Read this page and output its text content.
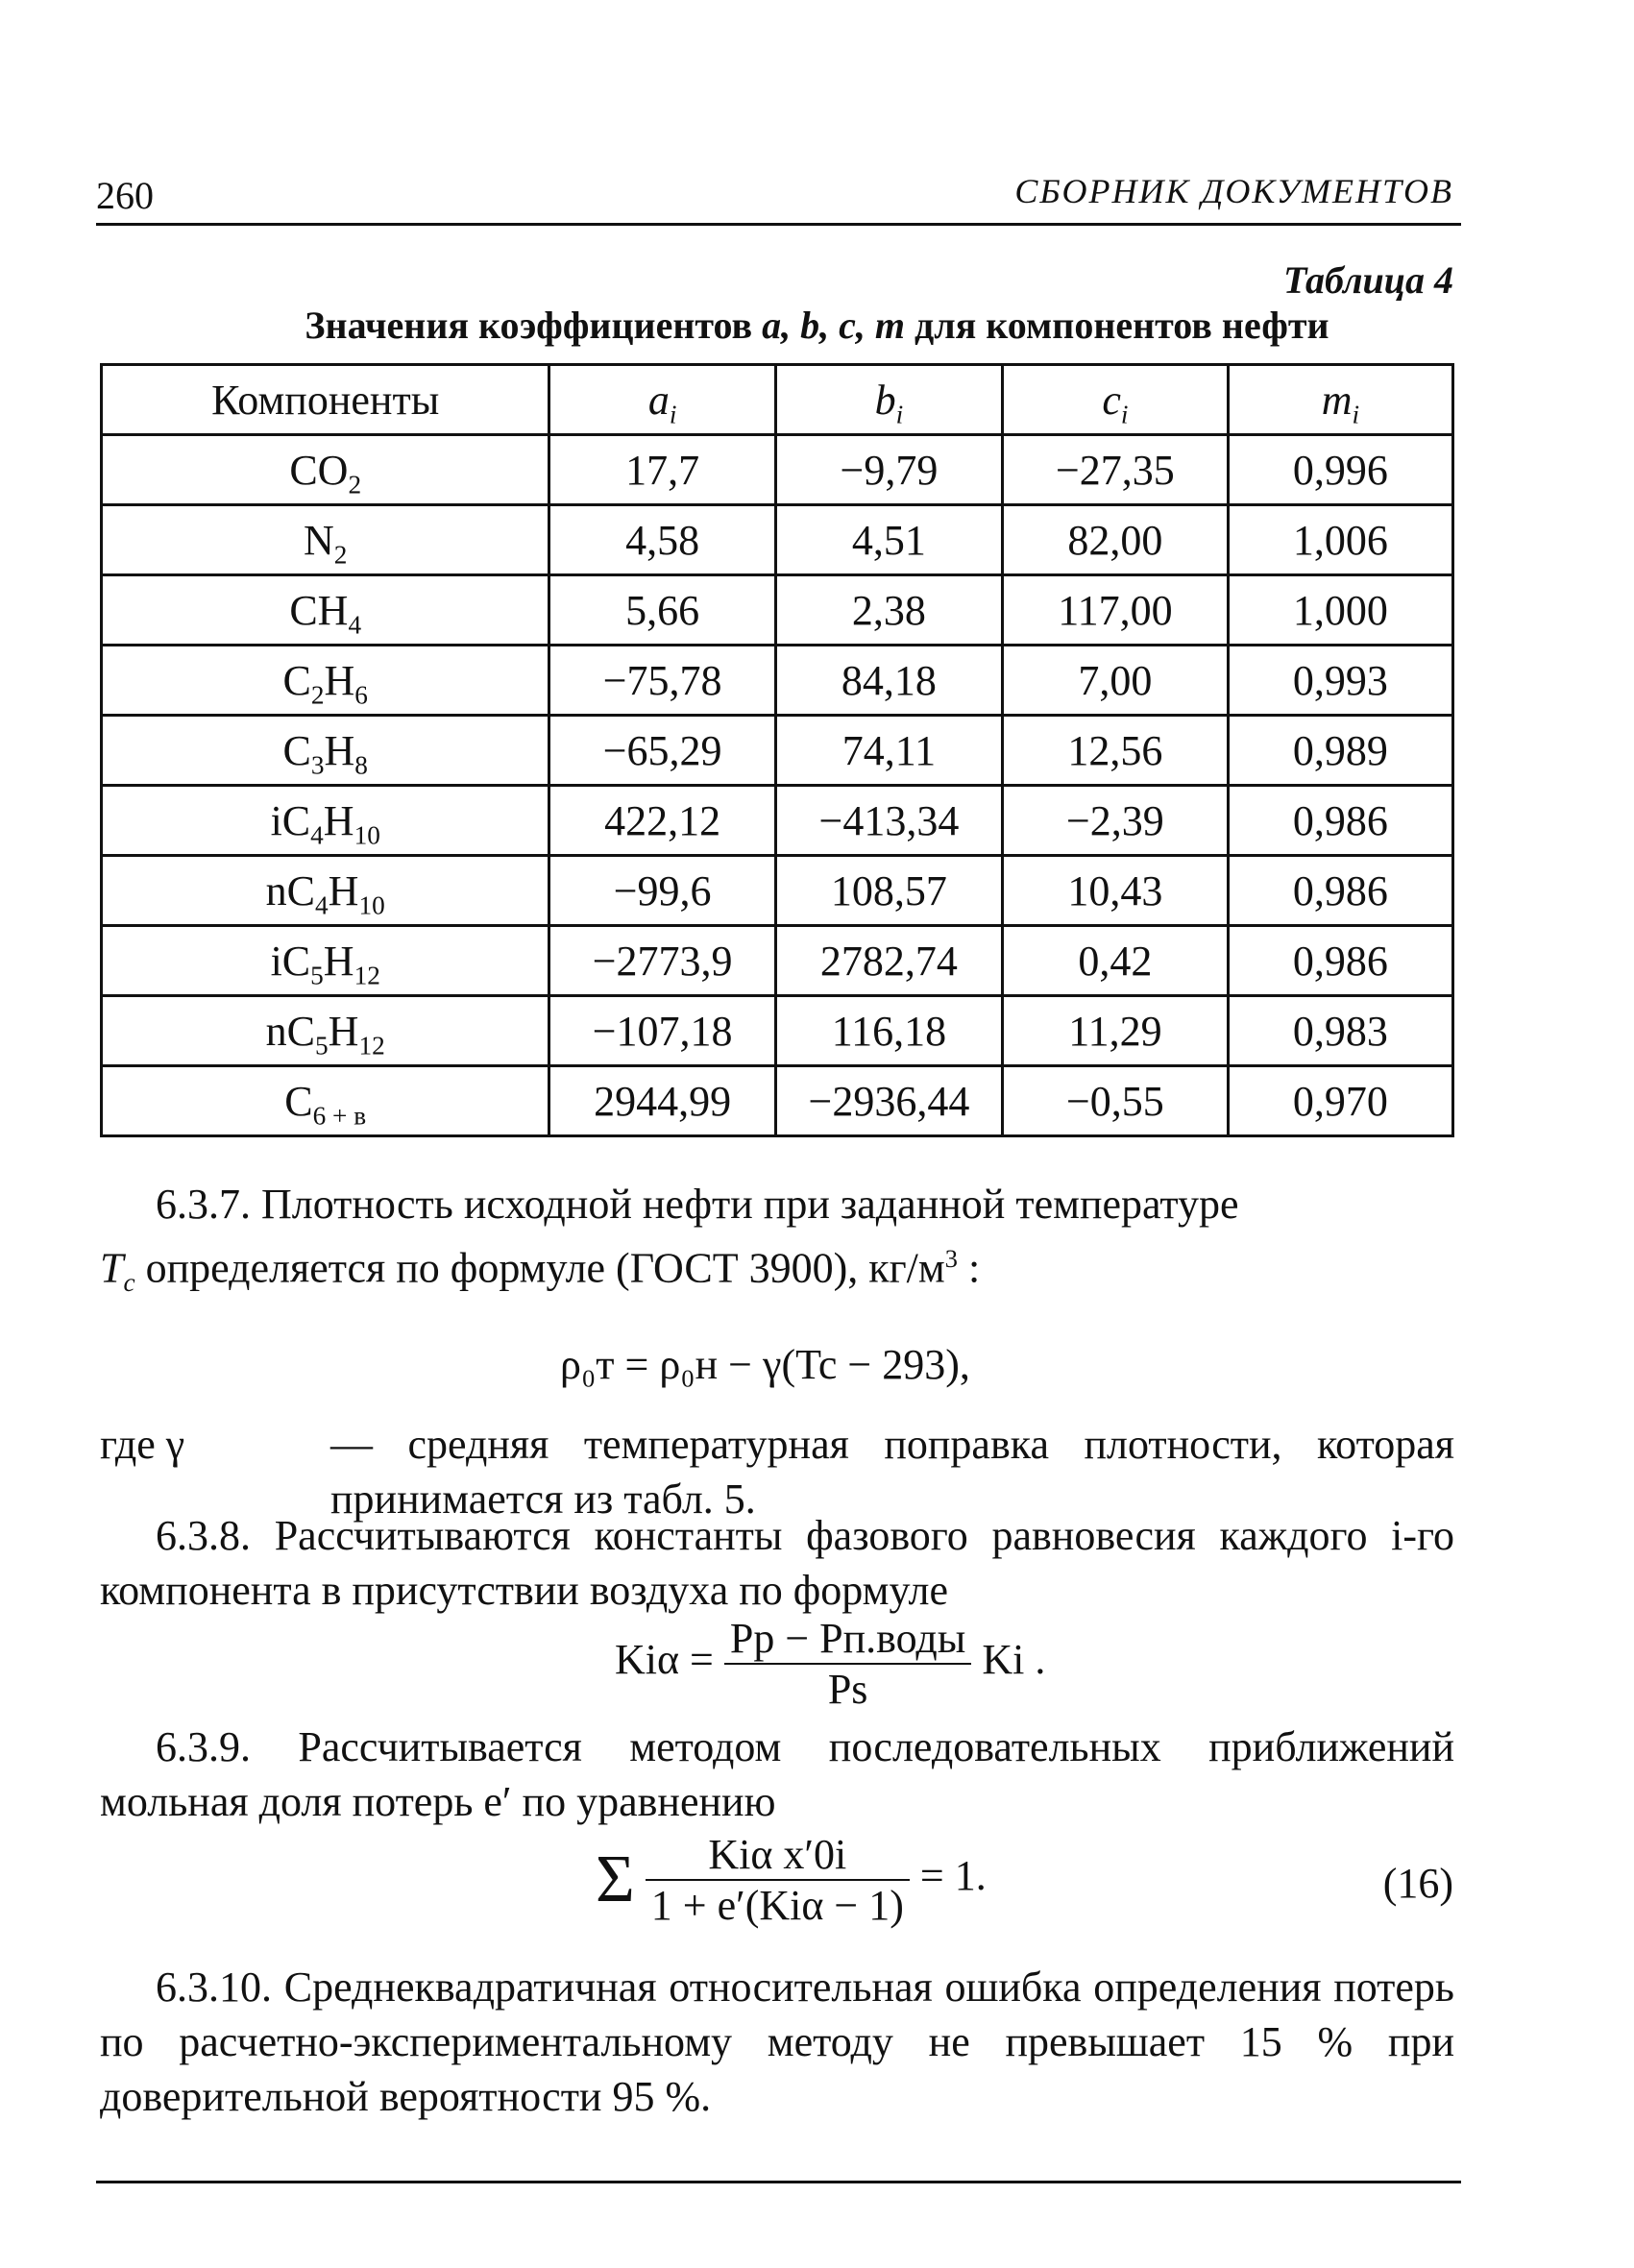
260	СБОРНИК ДОКУМЕНТОВ
Таблица 4
Значения коэффициентов a, b, c, m для компонентов нефти
Компоненты	$a_i$	$b_i$	$c_i$	$m_i$
$CO_2$	17,7	−9,79	−27,35	0,996
$N_2$	4,58	4,51	82,00	1,006
$CH_4$	5,66	2,38	117,00	1,000
$C_2H_6$	−75,78	84,18	7,00	0,993
$C_3H_8$	−65,29	74,11	12,56	0,989
$iC_4H_{10}$	422,12	−413,34	−2,39	0,986
$nC_4H_{10}$	−99,6	108,57	10,43	0,986
$iC_5H_{12}$	−2773,9	2782,74	0,42	0,986
$nC_5H_{12}$	−107,18	116,18	11,29	0,983
$C_{6 + в}$	2944,99	−2936,44	−0,55	0,970
6.3.7. Плотность исходной нефти при заданной температуре
$T_c$ определяется по формуле (ГОСТ 3900), $кг/м^3$ :
ρ₀т = ρ₀н − γ(Tc − 293),
где γ	— средняя температурная поправка плотности, которая принимается из табл. 5.
6.3.8. Рассчитываются константы фазового равновесия каждого i-го компонента в присутствии воздуха по формуле
$Ki\alpha = \frac{\text{Pр − Pп.воды}}{Ps}$ Ki .
6.3.9. Рассчитывается методом последовательных приближений мольная доля потерь e′ по уравнению
Σ $\frac{\text{Kiα x′0i}}{\text{1 + e′(Kiα − 1)}} = 1$.	(16)
6.3.10. Среднеквадратичная относительная ошибка определения потерь по расчетно-экспериментальному методу не превышает 15 % при доверительной вероятности 95 %.
